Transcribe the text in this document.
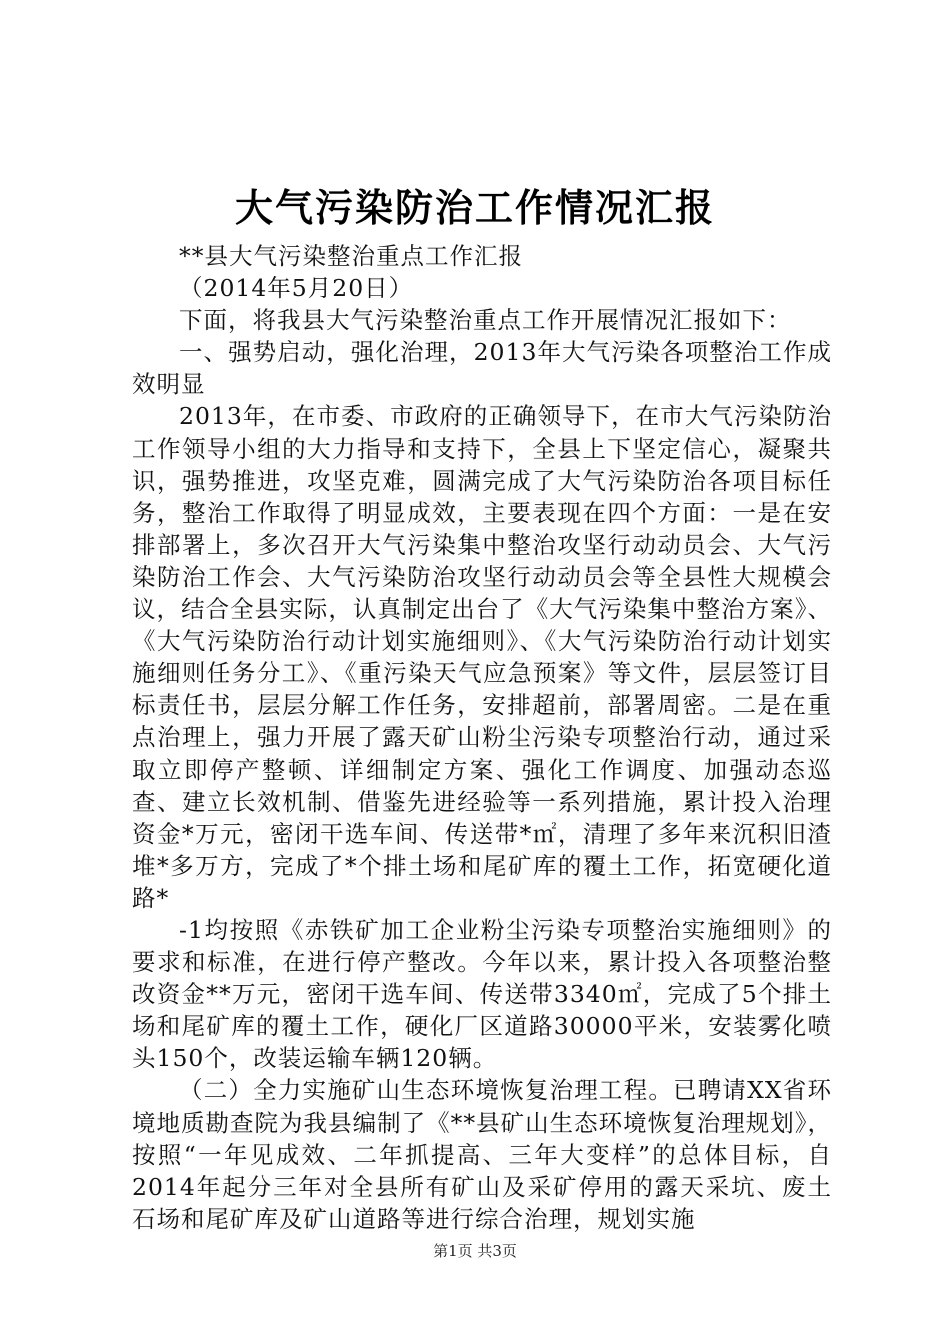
大气污染防治工作情况汇报

**县大气污染整治重点工作汇报

（2014年5月20日）

下面，将我县大气污染整治重点工作开展情况汇报如下：

一、强势启动，强化治理，2013年大气污染各项整治工作成效明显

2013年，在市委、市政府的正确领导下，在市大气污染防治工作领导小组的大力指导和支持下，全县上下坚定信心，凝聚共识，强势推进，攻坚克难，圆满完成了大气污染防治各项目标任务，整治工作取得了明显成效，主要表现在四个方面：一是在安排部署上，多次召开大气污染集中整治攻坚行动动员会、大气污染防治工作会、大气污染防治攻坚行动动员会等全县性大规模会议，结合全县实际，认真制定出台了《大气污染集中整治方案》、《大气污染防治行动计划实施细则》、《大气污染防治行动计划实施细则任务分工》、《重污染天气应急预案》等文件，层层签订目标责任书，层层分解工作任务，安排超前，部署周密。二是在重点治理上，强力开展了露天矿山粉尘污染专项整治行动，通过采取立即停产整顿、详细制定方案、强化工作调度、加强动态巡查、建立长效机制、借鉴先进经验等一系列措施，累计投入治理资金*万元，密闭干选车间、传送带*㎡，清理了多年来沉积旧渣堆*多万方，完成了*个排土场和尾矿库的覆土工作，拓宽硬化道路*

-1均按照《赤铁矿加工企业粉尘污染专项整治实施细则》的要求和标准，在进行停产整改。今年以来，累计投入各项整治整改资金**万元，密闭干选车间、传送带3340㎡，完成了5个排土场和尾矿库的覆土工作，硬化厂区道路30000平米，安装雾化喷头150个，改装运输车辆120辆。

（二）全力实施矿山生态环境恢复治理工程。已聘请XX省环境地质勘查院为我县编制了《**县矿山生态环境恢复治理规划》，按照“一年见成效、二年抓提高、三年大变样”的总体目标，自2014年起分三年对全县所有矿山及采矿停用的露天采坑、废土石场和尾矿库及矿山道路等进行综合治理，规划实施

第1页 共3页
